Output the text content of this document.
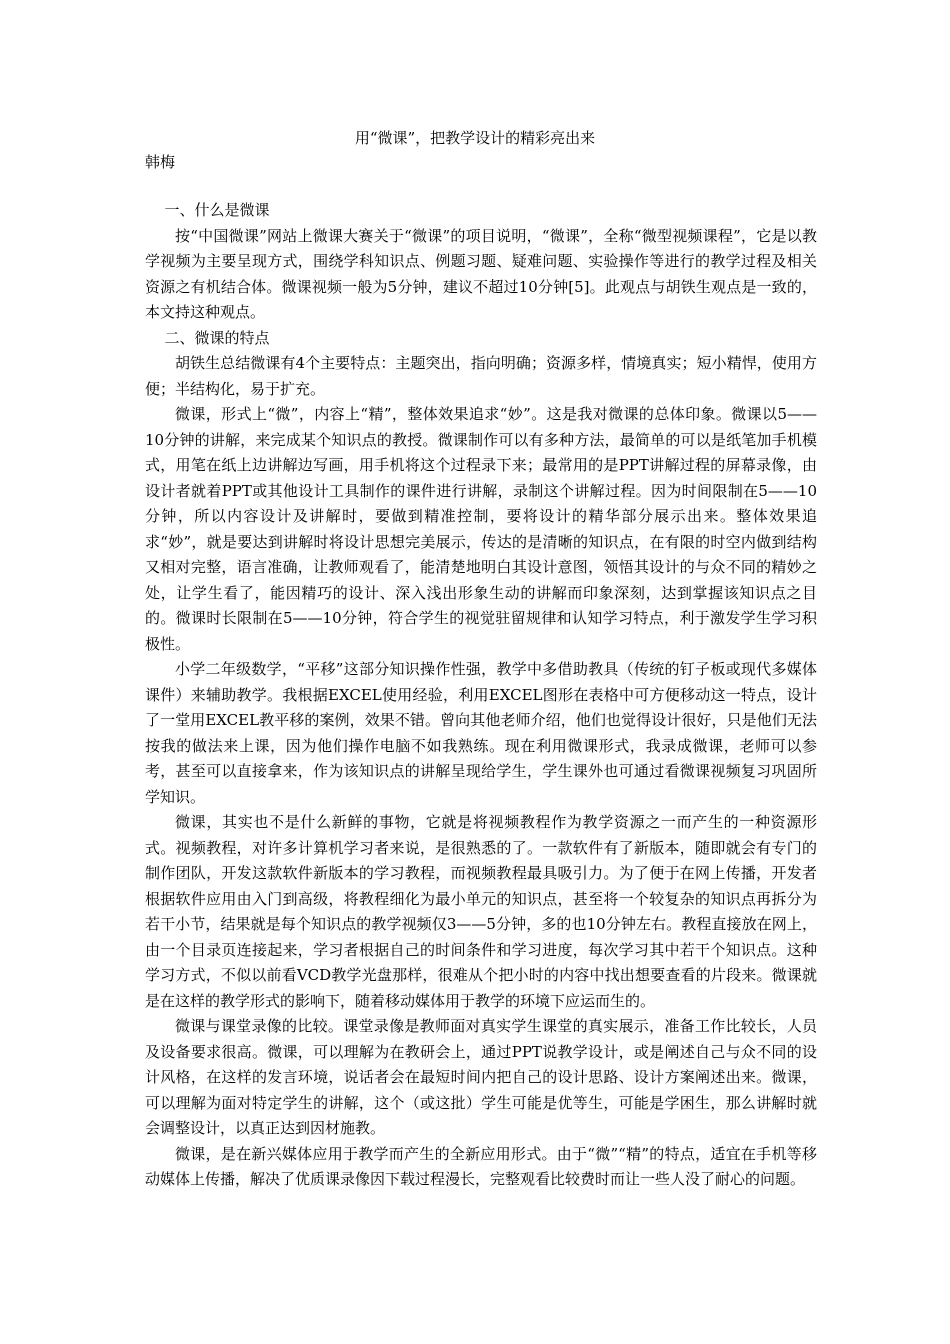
用“微课”，把教学设计的精彩亮出来
韩梅
一、什么是微课

按“中国微课”网站上微课大赛关于“微课”的项目说明，“微课”，全称“微型视频课程”，它是以教学视频为主要呈现方式，围绕学科知识点、例题习题、疑难问题、实验操作等进行的教学过程及相关资源之有机结合体。微课视频一般为5分钟，建议不超过10分钟[5]。此观点与胡铁生观点是一致的，本文持这种观点。

二、微课的特点

胡铁生总结微课有4个主要特点：主题突出，指向明确；资源多样，情境真实；短小精悍，使用方便；半结构化，易于扩充。

微课，形式上“微”，内容上“精”，整体效果追求“妙”。这是我对微课的总体印象。微课以5——10分钟的讲解，来完成某个知识点的教授。微课制作可以有多种方法，最简单的可以是纸笔加手机模式，用笔在纸上边讲解边写画，用手机将这个过程录下来；最常用的是PPT讲解过程的屏幕录像，由设计者就着PPT或其他设计工具制作的课件进行讲解，录制这个讲解过程。因为时间限制在5——10分钟，所以内容设计及讲解时，要做到精准控制，要将设计的精华部分展示出来。整体效果追求“妙”，就是要达到讲解时将设计思想完美展示，传达的是清晰的知识点，在有限的时空内做到结构又相对完整，语言准确，让教师观看了，能清楚地明白其设计意图，领悟其设计的与众不同的精妙之处，让学生看了，能因精巧的设计、深入浅出形象生动的讲解而印象深刻，达到掌握该知识点之目的。微课时长限制在5——10分钟，符合学生的视觉驻留规律和认知学习特点，利于激发学生学习积极性。

小学二年级数学，“平移”这部分知识操作性强，教学中多借助教具（传统的钉子板或现代多媒体课件）来辅助教学。我根据EXCEL使用经验，利用EXCEL图形在表格中可方便移动这一特点，设计了一堂用EXCEL教平移的案例，效果不错。曾向其他老师介绍，他们也觉得设计很好，只是他们无法按我的做法来上课，因为他们操作电脑不如我熟练。现在利用微课形式，我录成微课，老师可以参考，甚至可以直接拿来，作为该知识点的讲解呈现给学生，学生课外也可通过看微课视频复习巩固所学知识。

微课，其实也不是什么新鲜的事物，它就是将视频教程作为教学资源之一而产生的一种资源形式。视频教程，对许多计算机学习者来说，是很熟悉的了。一款软件有了新版本，随即就会有专门的制作团队，开发这款软件新版本的学习教程，而视频教程最具吸引力。为了便于在网上传播，开发者根据软件应用由入门到高级，将教程细化为最小单元的知识点，甚至将一个较复杂的知识点再拆分为若干小节，结果就是每个知识点的教学视频仅3——5分钟，多的也10分钟左右。教程直接放在网上，由一个目录页连接起来，学习者根据自己的时间条件和学习进度，每次学习其中若干个知识点。这种学习方式，不似以前看VCD教学光盘那样，很难从个把小时的内容中找出想要查看的片段来。微课就是在这样的教学形式的影响下，随着移动媒体用于教学的环境下应运而生的。

微课与课堂录像的比较。课堂录像是教师面对真实学生课堂的真实展示，准备工作比较长，人员及设备要求很高。微课，可以理解为在教研会上，通过PPT说教学设计，或是阐述自己与众不同的设计风格，在这样的发言环境，说话者会在最短时间内把自己的设计思路、设计方案阐述出来。微课，可以理解为面对特定学生的讲解，这个（或这批）学生可能是优等生，可能是学困生，那么讲解时就会调整设计，以真正达到因材施教。

微课，是在新兴媒体应用于教学而产生的全新应用形式。由于“微”“精”的特点，适宜在手机等移动媒体上传播，解决了优质课录像因下载过程漫长，完整观看比较费时而让一些人没了耐心的问题。
